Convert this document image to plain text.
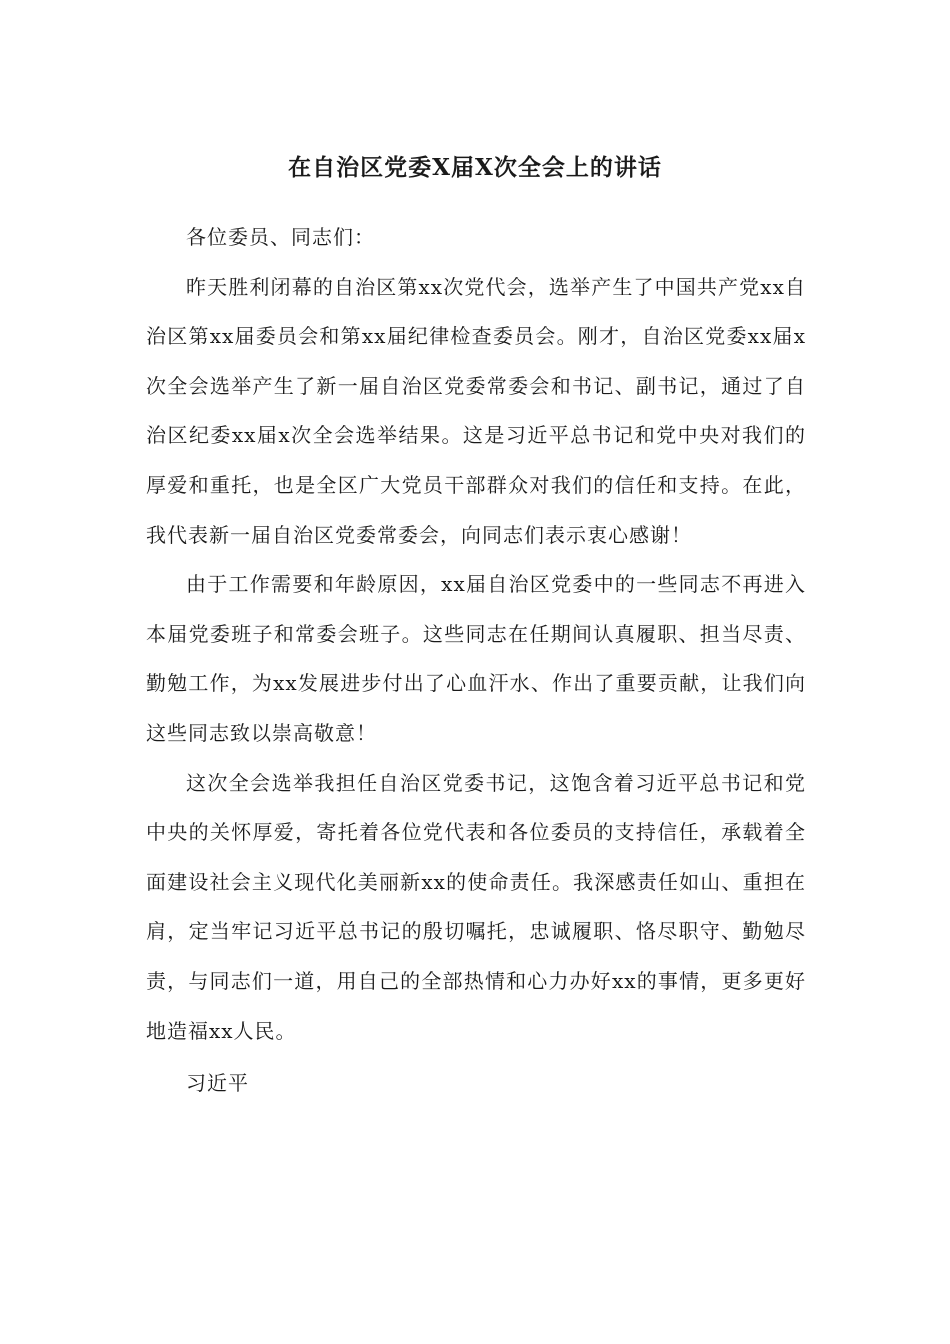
在自治区党委X届X次全会上的讲话

各位委员、同志们：

昨天胜利闭幕的自治区第xx次党代会，选举产生了中国共产党xx自治区第xx届委员会和第xx届纪律检查委员会。刚才，自治区党委xx届x次全会选举产生了新一届自治区党委常委会和书记、副书记，通过了自治区纪委xx届x次全会选举结果。这是习近平总书记和党中央对我们的厚爱和重托，也是全区广大党员干部群众对我们的信任和支持。在此，我代表新一届自治区党委常委会，向同志们表示衷心感谢！

由于工作需要和年龄原因，xx届自治区党委中的一些同志不再进入本届党委班子和常委会班子。这些同志在任期间认真履职、担当尽责、勤勉工作，为xx发展进步付出了心血汗水、作出了重要贡献，让我们向这些同志致以崇高敬意！

这次全会选举我担任自治区党委书记，这饱含着习近平总书记和党中央的关怀厚爱，寄托着各位党代表和各位委员的支持信任，承载着全面建设社会主义现代化美丽新xx的使命责任。我深感责任如山、重担在肩，定当牢记习近平总书记的殷切嘱托，忠诚履职、恪尽职守、勤勉尽责，与同志们一道，用自己的全部热情和心力办好xx的事情，更多更好地造福xx人民。

习近平
